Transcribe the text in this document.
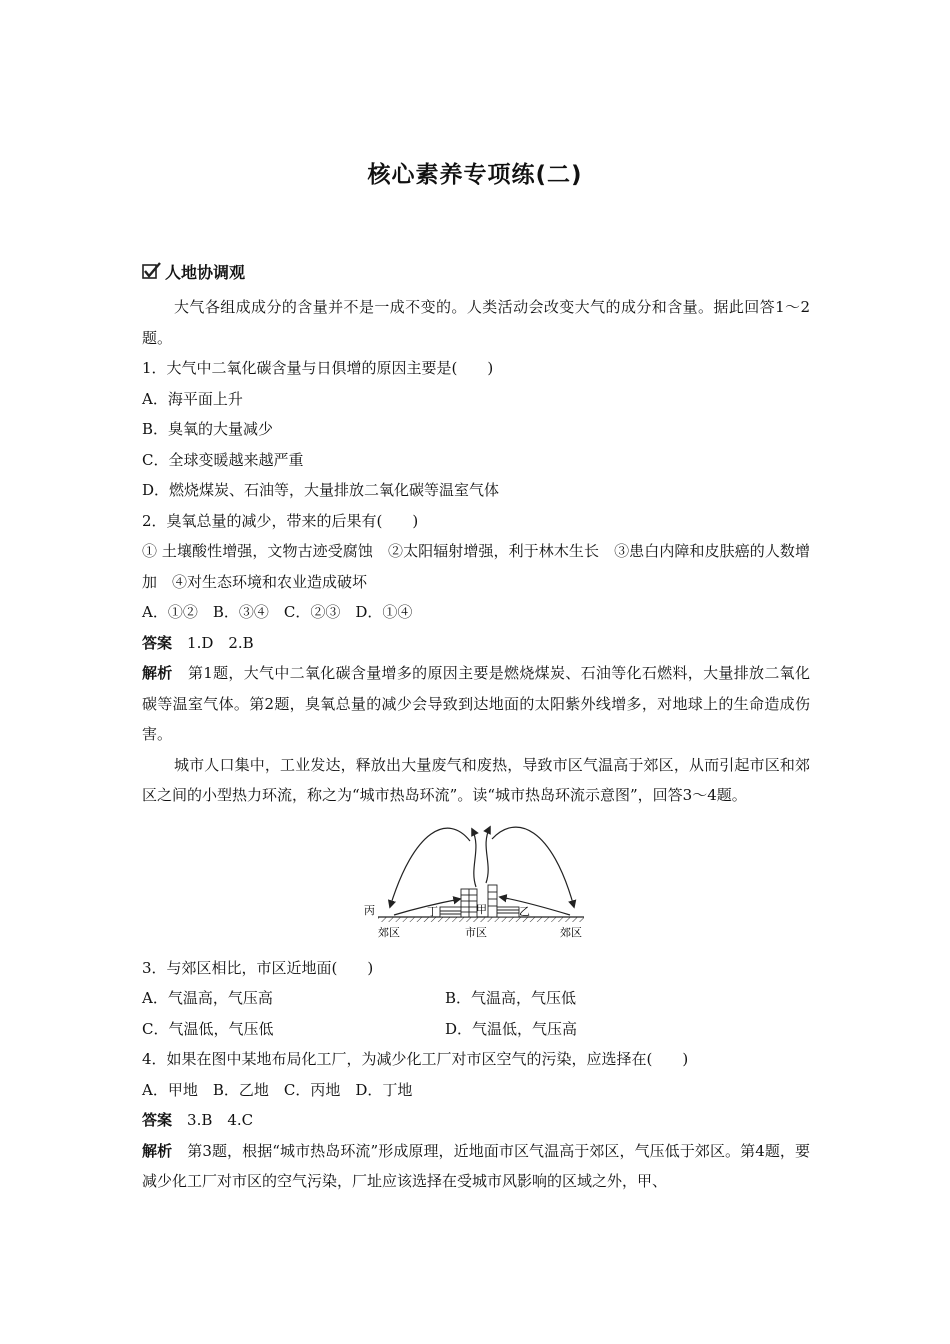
核心素养专项练(二)
人地协调观

大气各组成成分的含量并不是一成不变的。人类活动会改变大气的成分和含量。据此回答1～2题。

1．大气中二氧化碳含量与日俱增的原因主要是(　　)

A．海平面上升

B．臭氧的大量减少

C．全球变暖越来越严重

D．燃烧煤炭、石油等，大量排放二氧化碳等温室气体

2．臭氧总量的减少，带来的后果有(　　)

① 土壤酸性增强，文物古迹受腐蚀　②太阳辐射增强，利于林木生长　③患白内障和皮肤癌的人数增加　④对生态环境和农业造成破坏

A．①②　B．③④　C．②③　D．①④

答案　 1.D　2.B

解析　 第1题，大气中二氧化碳含量增多的原因主要是燃烧煤炭、石油等化石燃料，大量排放二氧化碳等温室气体。第2题，臭氧总量的减少会导致到达地面的太阳紫外线增多，对地球上的生命造成伤害。

城市人口集中，工业发达，释放出大量废气和废热，导致市区气温高于郊区，从而引起市区和郊区之间的小型热力环流，称之为“城市热岛环流”。读“城市热岛环流示意图”，回答3～4题。

丙	丁	甲	乙
郊区	市区	郊区

3．与郊区相比，市区近地面(　　)

A．气温高，气压高	B．气温高，气压低

C．气温低，气压低	D．气温低，气压高

4．如果在图中某地布局化工厂，为减少化工厂对市区空气的污染，应选择在(　　)

A．甲地　B．乙地　C．丙地　D．丁地

答案　 3.B　4.C

解析　 第3题，根据“城市热岛环流”形成原理，近地面市区气温高于郊区，气压低于郊区。第4题，要减少化工厂对市区的空气污染，厂址应该选择在受城市风影响的区域之外，甲、
